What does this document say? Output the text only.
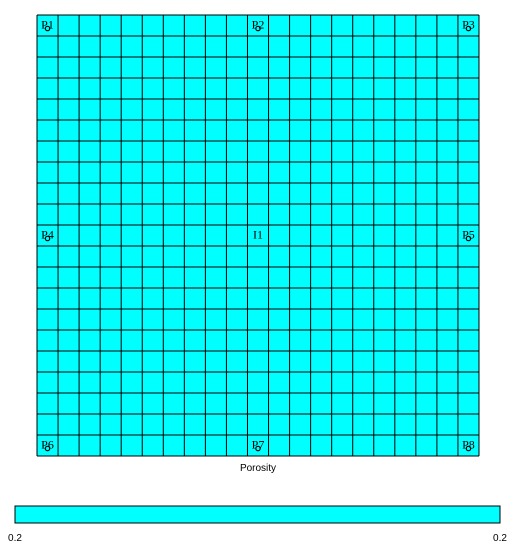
P1	P2	P3
P4	I1	P5
P6	P7	P8
Porosity
0.2	0.2
